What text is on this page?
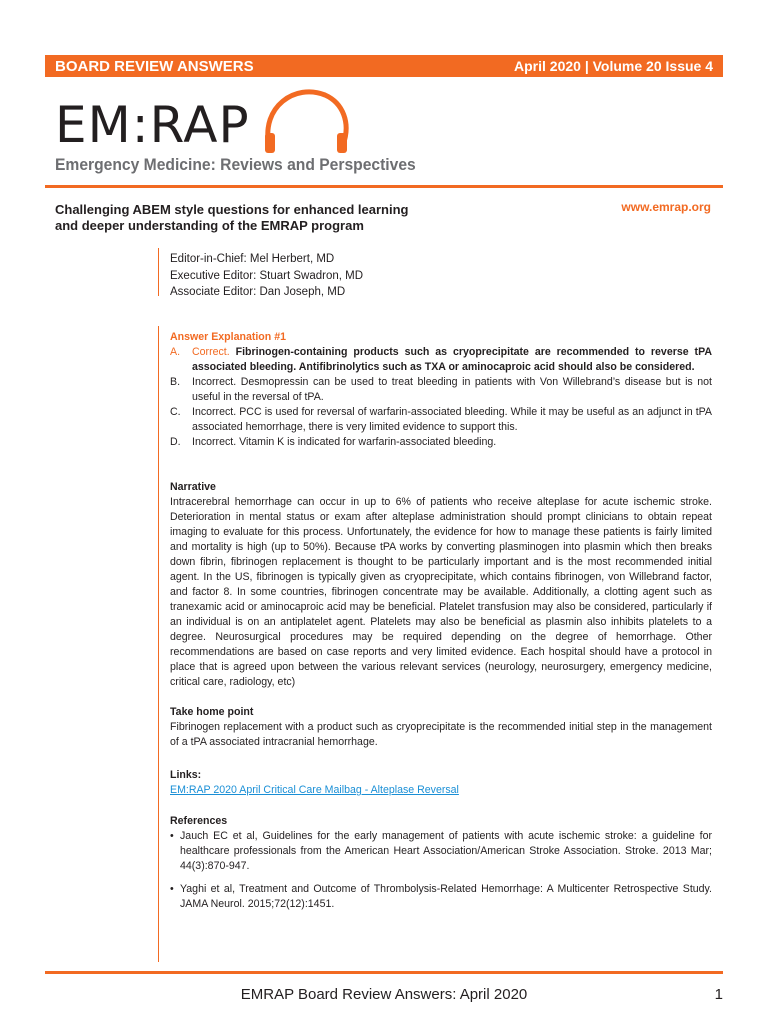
BOARD REVIEW ANSWERS	April 2020 | Volume 20 Issue 4
EM:RAP
Emergency Medicine: Reviews and Perspectives
Challenging ABEM style questions for enhanced learning
and deeper understanding of the EMRAP program
www.emrap.org
Editor-in-Chief: Mel Herbert, MD
Executive Editor: Stuart Swadron, MD
Associate Editor: Dan Joseph, MD
Answer Explanation #1
A.	Correct. Fibrinogen-containing products such as cryoprecipitate are recommended to reverse tPA associated bleeding. Antifibrinolytics such as TXA or aminocaproic acid should also be considered.
B.	Incorrect. Desmopressin can be used to treat bleeding in patients with Von Willebrand’s disease but is not useful in the reversal of tPA.
C.	Incorrect. PCC is used for reversal of warfarin-associated bleeding. While it may be useful as an adjunct in tPA associated hemorrhage, there is very limited evidence to support this.
D.	Incorrect. Vitamin K is indicated for warfarin-associated bleeding.
Narrative

Intracerebral hemorrhage can occur in up to 6% of patients who receive alteplase for acute ischemic stroke. Deterioration in mental status or exam after alteplase administration should prompt clinicians to obtain repeat imaging to evaluate for this process. Unfortunately, the evidence for how to manage these patients is fairly limited and mortality is high (up to 50%). Because tPA works by converting plasminogen into plasmin which then breaks down fibrin, fibrinogen replacement is thought to be particularly important and is the most recommended initial agent. In the US, fibrinogen is typically given as cryoprecipitate, which contains fibrinogen, von Willebrand factor, and factor 8. In some countries, fibrinogen concentrate may be available. Additionally, a clotting agent such as tranexamic acid or aminocaproic acid may be beneficial. Platelet transfusion may also be considered, particularly if an individual is on an antiplatelet agent. Platelets may also be beneficial as plasmin also inhibits platelets to a degree. Neurosurgical procedures may be required depending on the degree of hemorrhage. Other recommendations are based on case reports and very limited evidence. Each hospital should have a protocol in place that is agreed upon between the various relevant services (neurology, neurosurgery, emergency medicine, critical care, radiology, etc)

Take home point

Fibrinogen replacement with a product such as cryoprecipitate is the recommended initial step in the management of a tPA associated intracranial hemorrhage.

Links:
EM:RAP 2020 April Critical Care Mailbag - Alteplase Reversal
References
• Jauch EC et al, Guidelines for the early management of patients with acute ischemic stroke: a guideline for healthcare professionals from the American Heart Association/American Stroke Association. Stroke. 2013 Mar; 44(3):870-947.
• Yaghi et al, Treatment and Outcome of Thrombolysis-Related Hemorrhage: A Multicenter Retrospective Study. JAMA Neurol. 2015;72(12):1451.
EMRAP Board Review Answers: April 2020	1
